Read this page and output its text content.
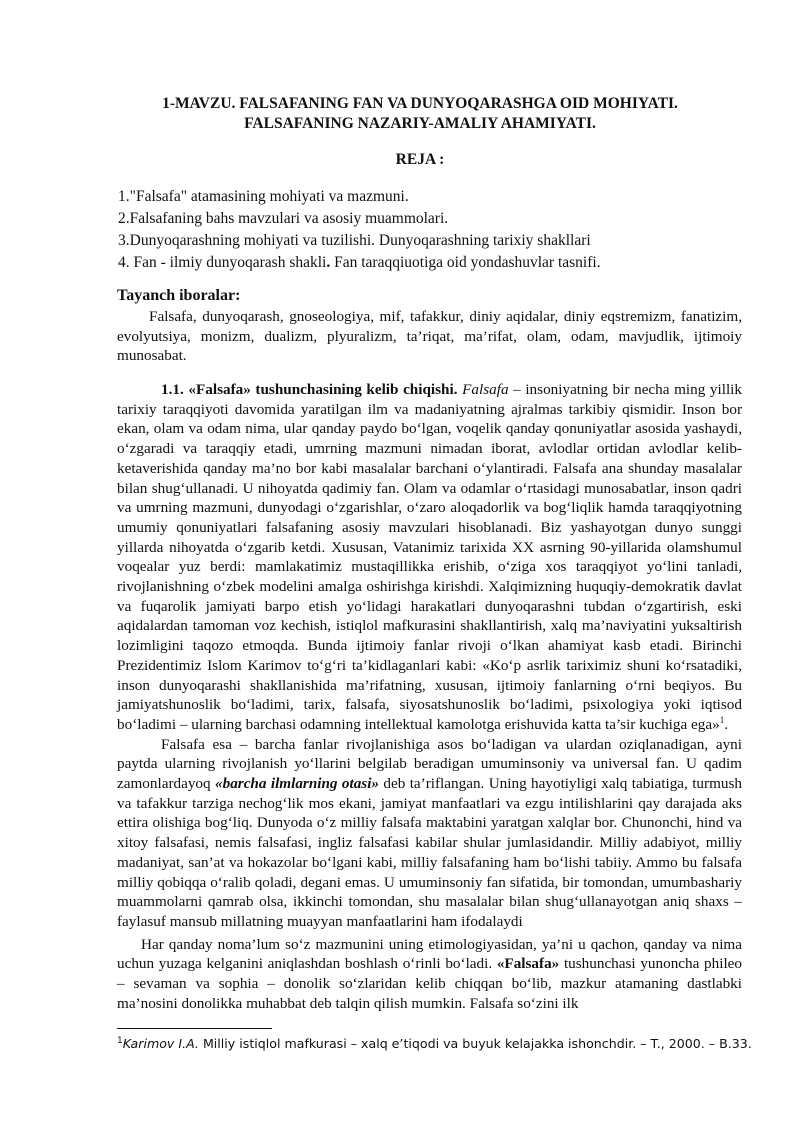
1-MAVZU. FALSAFANING FAN VA DUNYOQARASHGA OID MOHIYATI.
FALSAFANING NAZARIY-AMALIY AHAMIYATI.
REJA :
1."Falsafa" atamasining mohiyati va mazmuni.
2.Falsafaning bahs mavzulari va asosiy muammolari.
3.Dunyoqarashning mohiyati va tuzilishi. Dunyoqarashning tarixiy shakllari
4. Fan - ilmiy dunyoqarash shakli. Fan taraqqiuotiga oid yondashuvlar tasnifi.
Tayanch iboralar:
Falsafa, dunyoqarash, gnoseologiya, mif, tafakkur, diniy aqidalar, diniy eqstremizm, fanatizim, evolyutsiya, monizm, dualizm, plyuralizm, ta’riqat, ma’rifat, olam, odam, mavjudlik, ijtimoiy munosabat.

1.1. «Falsafa» tushunchasining kelib chiqishi. Falsafa – insoniyatning bir necha ming yillik tarixiy taraqqiyoti davomida yaratilgan ilm va madaniyatning ajralmas tarkibiy qismidir. Inson bor ekan, olam va odam nima, ular qanday paydo bo‘lgan, voqelik qanday qonuniyatlar asosida yashaydi, o‘zgaradi va taraqqiy etadi, umrning mazmuni nimadan iborat, avlodlar ortidan avlodlar kelib-ketaverishida qanday ma’no bor kabi masalalar barchani o‘ylantiradi. Falsafa ana shunday masalalar bilan shug‘ullanadi. U nihoyatda qadimiy fan. Olam va odamlar o‘rtasidagi munosabatlar, inson qadri va umrning mazmuni, dunyodagi o‘zgarishlar, o‘zaro aloqadorlik va bog‘liqlik hamda taraqqiyotning umumiy qonuniyatlari falsafaning asosiy mavzulari hisoblanadi. Biz yashayotgan dunyo sunggi yillarda nihoyatda o‘zgarib ketdi. Xususan, Vatanimiz tarixida XX asrning 90-yillarida olamshumul voqealar yuz berdi: mamlakatimiz mustaqillikka erishib, o‘ziga xos taraqqiyot yo‘lini tanladi, rivojlanishning o‘zbek modelini amalga oshirishga kirishdi. Xalqimizning huquqiy-demokratik davlat va fuqarolik jamiyati barpo etish yo‘lidagi harakatlari dunyoqarashni tubdan o‘zgartirish, eski aqidalardan tamoman voz kechish, istiqlol mafkurasini shakllantirish, xalq ma’naviyatini yuksaltirish lozimligini taqozo etmoqda. Bunda ijtimoiy fanlar rivoji o‘lkan ahamiyat kasb etadi. Birinchi Prezidentimiz Islom Karimov to‘g‘ri ta’kidlaganlari kabi: «Ko‘p asrlik tariximiz shuni ko‘rsatadiki, inson dunyoqarashi shakllanishida ma’rifatning, xususan, ijtimoiy fanlarning o‘rni beqiyos. Bu jamiyatshunoslik bo‘ladimi, tarix, falsafa, siyosatshunoslik bo‘ladimi, psixologiya yoki iqtisod bo‘ladimi – ularning barchasi odamning intellektual kamolotga erishuvida katta ta’sir kuchiga ega»$^1$.

Falsafa esa – barcha fanlar rivojlanishiga asos bo‘ladigan va ulardan oziqlanadigan, ayni paytda ularning rivojlanish yo‘llarini belgilab beradigan umuminsoniy va universal fan. U qadim zamonlardayoq «barcha ilmlarning otasi» deb ta’riflangan. Uning hayotiyligi xalq tabiatiga, turmush va tafakkur tarziga nechog‘lik mos ekani, jamiyat manfaatlari va ezgu intilishlarini qay darajada aks ettira olishiga bog‘liq. Dunyoda o‘z milliy falsafa maktabini yaratgan xalqlar bor. Chunonchi, hind va xitoy falsafasi, nemis falsafasi, ingliz falsafasi kabilar shular jumlasidandir. Milliy adabiyot, milliy madaniyat, san’at va hokazolar bo‘lgani kabi, milliy falsafaning ham bo‘lishi tabiiy. Ammo bu falsafa milliy qobiqqa o‘ralib qoladi, degani emas. U umuminsoniy fan sifatida, bir tomondan, umumbashariy muammolarni qamrab olsa, ikkinchi tomondan, shu masalalar bilan shug‘ullanayotgan aniq shaxs – faylasuf mansub millatning muayyan manfaatlarini ham ifodalaydi

Har qanday noma’lum so‘z mazmunini uning etimologiyasidan, ya’ni u qachon, qanday va nima uchun yuzaga kelganini aniqlashdan boshlash o‘rinli bo‘ladi. «Falsafa» tushunchasi yunoncha phileo – sevaman va sophia – donolik so‘zlaridan kelib chiqqan bo‘lib, mazkur atamaning dastlabki ma’nosini donolikka muhabbat deb talqin qilish mumkin. Falsafa so‘zini ilk

$^1$Karimov I.A. Milliy istiqlol mafkurasi – xalq e’tiqodi va buyuk kelajakka ishonchdir. – T., 2000. – B.33.
